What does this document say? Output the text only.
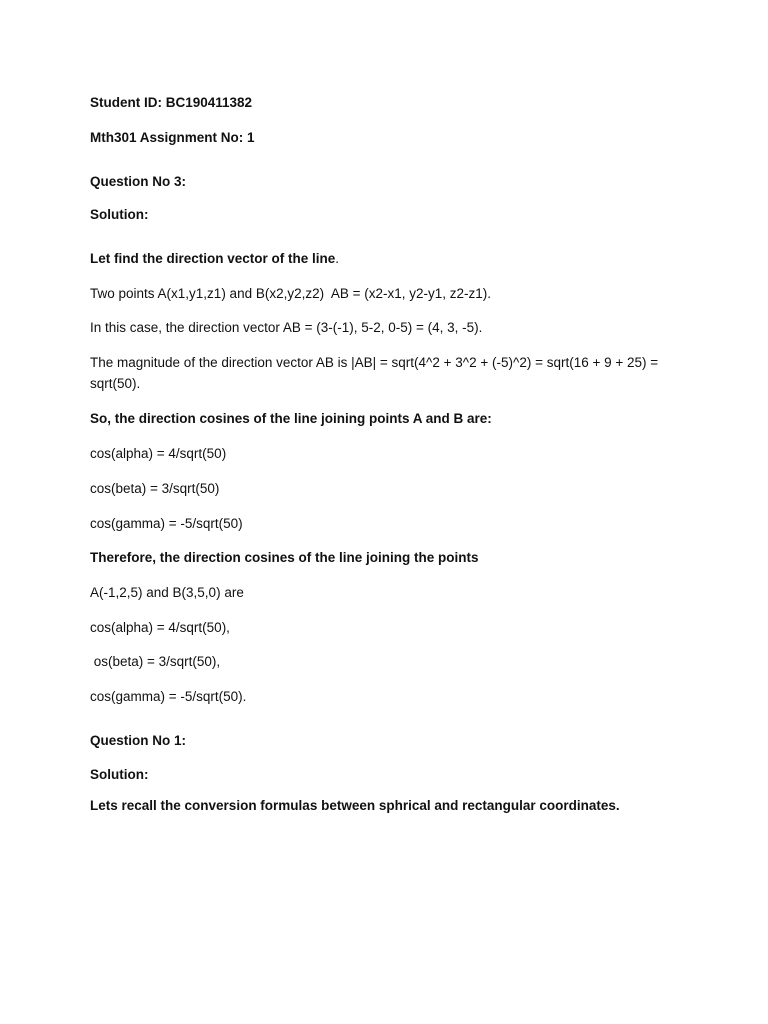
Student ID: BC190411382
Mth301 Assignment No: 1
Question No 3:
Solution:
Let find the direction vector of the line.
Two points A(x1,y1,z1) and B(x2,y2,z2)  AB = (x2-x1, y2-y1, z2-z1).
In this case, the direction vector AB = (3-(-1), 5-2, 0-5) = (4, 3, -5).
The magnitude of the direction vector AB is |AB| = sqrt(4^2 + 3^2 + (-5)^2) = sqrt(16 + 9 + 25) = sqrt(50).
So, the direction cosines of the line joining points A and B are:
cos(alpha) = 4/sqrt(50)
cos(beta) = 3/sqrt(50)
cos(gamma) = -5/sqrt(50)
Therefore, the direction cosines of the line joining the points
A(-1,2,5) and B(3,5,0) are
cos(alpha) = 4/sqrt(50),
os(beta) = 3/sqrt(50),
cos(gamma) = -5/sqrt(50).
Question No 1:
Solution:
Lets recall the conversion formulas between sphrical and rectangular coordinates.
